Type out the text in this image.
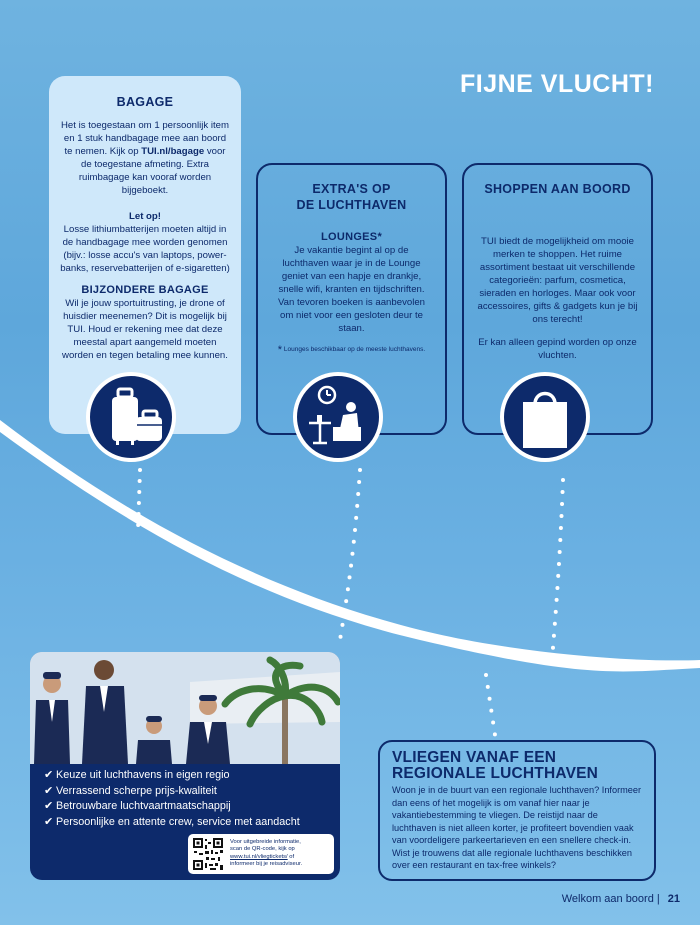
FIJNE VLUCHT!
BAGAGE

Het is toegestaan om 1 persoonlijk item en 1 stuk handbagage mee aan boord te nemen. Kijk op TUI.nl/bagage voor de toegestane afmeting. Extra ruimbagage kan vooraf worden bijgeboekt.

Let op!

Losse lithiumbatterijen moeten altijd in de handbagage mee worden genomen (bijv.: losse accu's van laptops, power-banks, reservebatterijen of e-sigaretten)

BIJZONDERE BAGAGE

Wil je jouw sportuitrusting, je drone of huisdier meenemen? Dit is mogelijk bij TUI. Houd er rekening mee dat deze meestal apart aangemeld moeten worden en tegen betaling mee kunnen.

EXTRA'S OP
DE LUCHTHAVEN

LOUNGES*

Je vakantie begint al op de luchthaven waar je in de Lounge geniet van een hapje en drankje, snelle wifi, kranten en tijdschriften. Van tevoren boeken is aanbevolen om niet voor een gesloten deur te staan.

* Lounges beschikbaar op de meeste luchthavens.

SHOPPEN AAN BOORD

TUI biedt de mogelijkheid om mooie merken te shoppen. Het ruime assortiment bestaat uit verschillende categorieën: parfum, cosmetica, sieraden en horloges. Maar ook voor accessoires, gifts & gadgets kun je bij ons terecht!

Er kan alleen gepind worden op onze vluchten.

✔ Keuze uit luchthavens in eigen regio
✔ Verrassend scherpe prijs-kwaliteit
✔ Betrouwbare luchtvaartmaatschappij
✔ Persoonlijke en attente crew, service met aandacht
Voor uitgebreide informatie,
scan de QR-code, kijk op
www.tui.nl/vliegtickets/ of
informeer bij je reisadviseur.
VLIEGEN VANAF EEN
REGIONALE LUCHTHAVEN

Woon je in de buurt van een regionale luchthaven? Informeer dan eens of het mogelijk is om vanaf hier naar je vakantiebestemming te vliegen. De reistijd naar de luchthaven is niet alleen korter, je profiteert bovendien vaak van voordeligere parkeertarieven en een snellere check-in. Wist je trouwens dat alle regionale luchthavens beschikken over een restaurant en tax-free winkels?

Welkom aan boord | 21
